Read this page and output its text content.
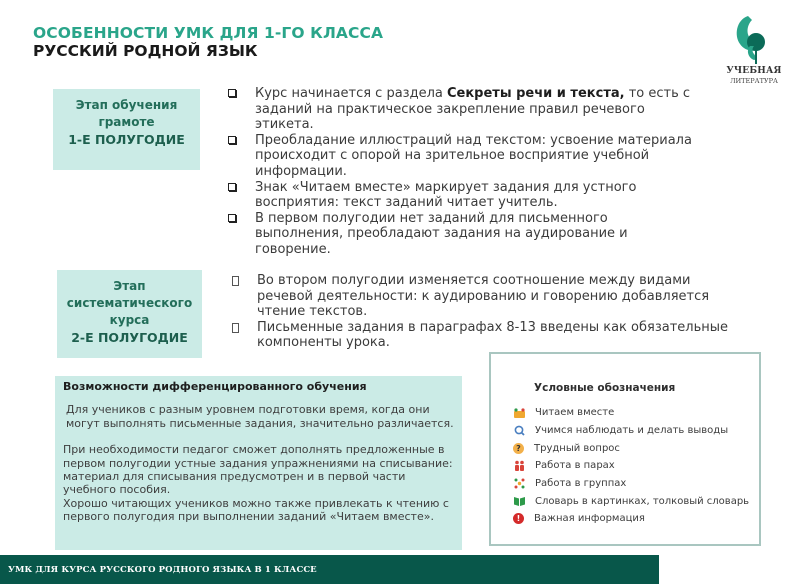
ОСОБЕННОСТИ УМК ДЛЯ 1-ГО КЛАССА
РУССКИЙ РОДНОЙ ЯЗЫК
УЧЕБНАЯ
ЛИТЕРАТУРА
Этап обучения
грамоте
1-Е ПОЛУГОДИЕ
Курс начинается с раздела Секреты речи и текста, то есть с заданий на практическое закрепление правил речевого этикета.
Преобладание иллюстраций над текстом: усвоение материала происходит с опорой на зрительное восприятие учебной информации.
Знак «Читаем вместе» маркирует задания для устного восприятия: текст заданий читает учитель.
В первом полугодии нет заданий для письменного выполнения, преобладают задания на аудирование и говорение.
Этап
систематического
курса
2-Е ПОЛУГОДИЕ
Во втором полугодии изменяется соотношение между видами речевой деятельности: к аудированию и говорению добавляется чтение текстов.
Письменные задания в параграфах 8-13 введены как обязательные компоненты урока.
Возможности дифференцированного обучения

Для учеников с разным уровнем подготовки время, когда они могут выполнять письменные задания, значительно различается.

При необходимости педагог сможет дополнять предложенные в первом полугодии устные задания упражнениями на списывание: материал для списывания предусмотрен и в первой части учебного пособия.

Хорошо читающих учеников можно также привлекать к чтению с первого полугодия при выполнении заданий «Читаем вместе».

Условные обозначения
Читаем вместе
Учимся наблюдать и делать выводы
?	Трудный вопрос
Работа в парах
Работа в группах
Словарь в картинках, толковый словарь
!	Важная информация
УМК ДЛЯ КУРСА РУССКОГО РОДНОГО ЯЗЫКА В 1 КЛАССЕ
